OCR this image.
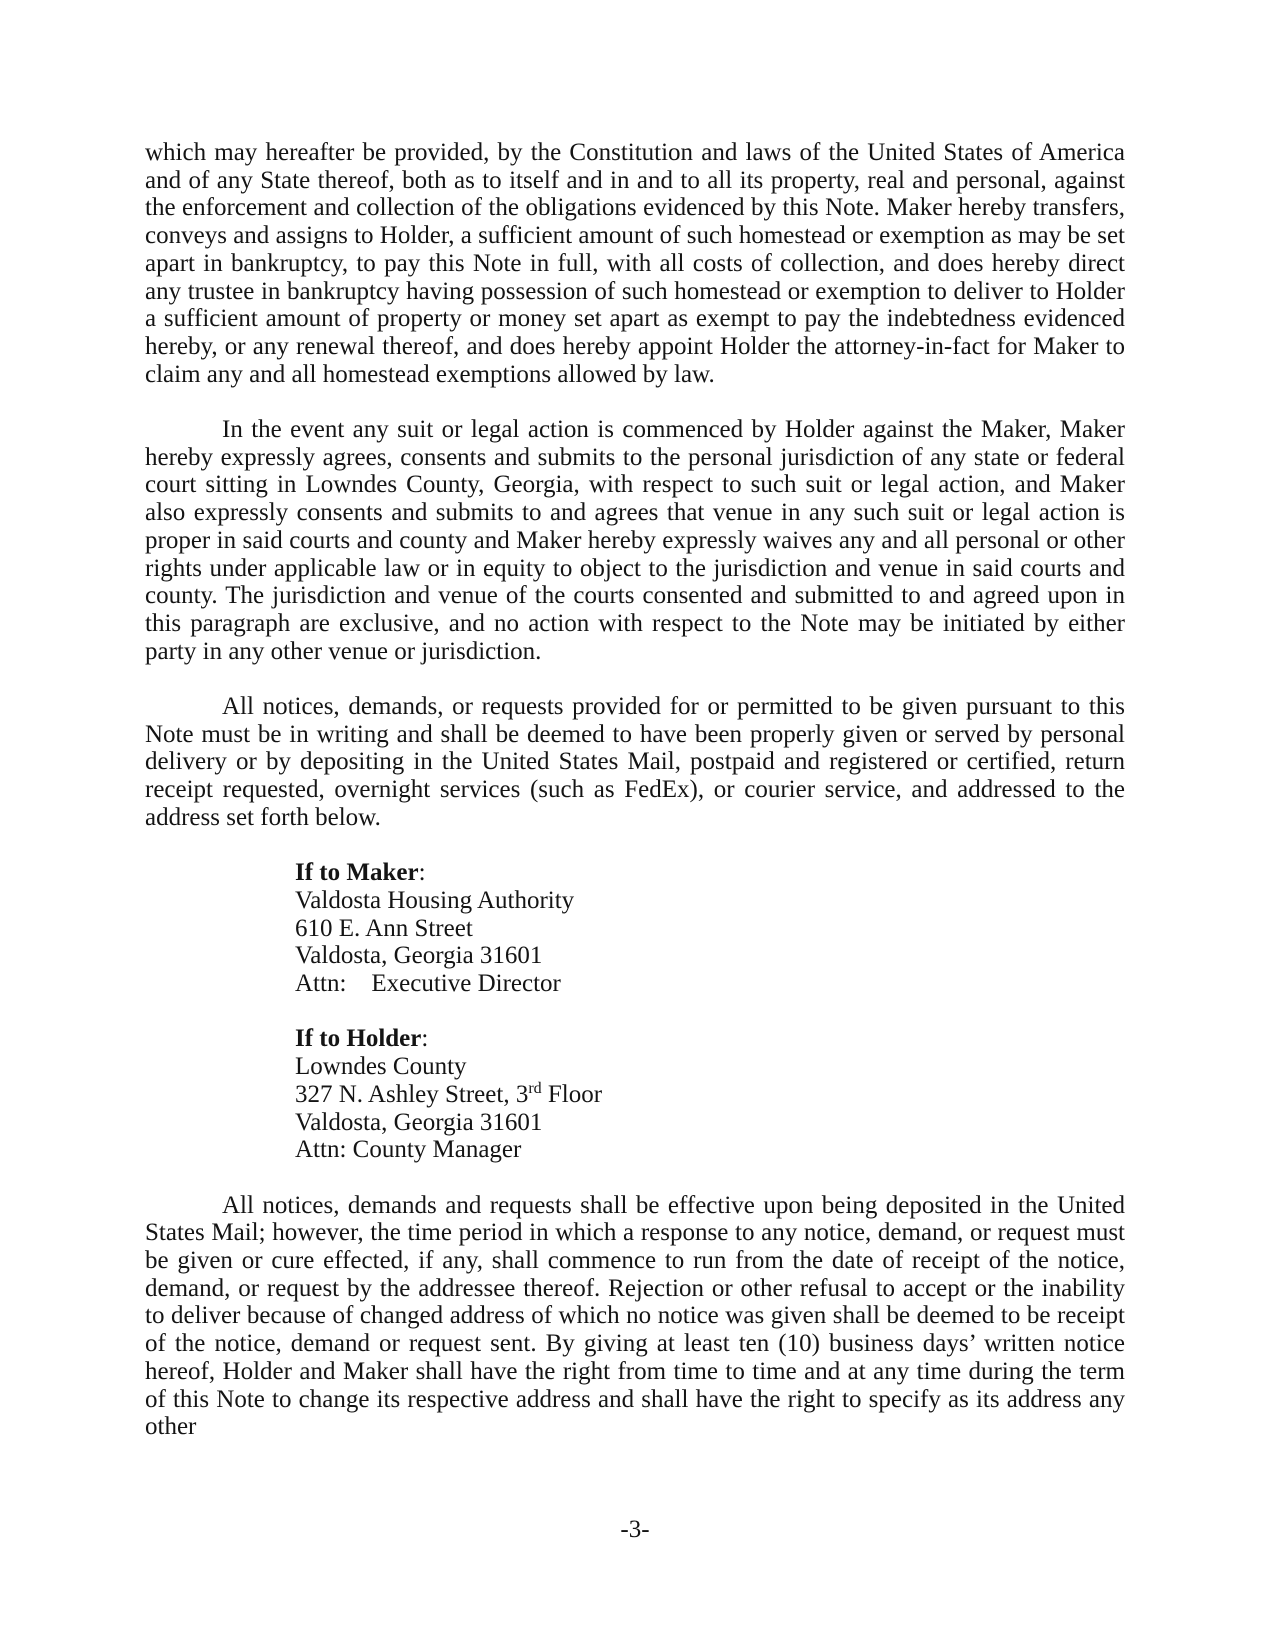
which may hereafter be provided, by the Constitution and laws of the United States of America and of any State thereof, both as to itself and in and to all its property, real and personal, against the enforcement and collection of the obligations evidenced by this Note. Maker hereby transfers, conveys and assigns to Holder, a sufficient amount of such homestead or exemption as may be set apart in bankruptcy, to pay this Note in full, with all costs of collection, and does hereby direct any trustee in bankruptcy having possession of such homestead or exemption to deliver to Holder a sufficient amount of property or money set apart as exempt to pay the indebtedness evidenced hereby, or any renewal thereof, and does hereby appoint Holder the attorney-in-fact for Maker to claim any and all homestead exemptions allowed by law.

In the event any suit or legal action is commenced by Holder against the Maker, Maker hereby expressly agrees, consents and submits to the personal jurisdiction of any state or federal court sitting in Lowndes County, Georgia, with respect to such suit or legal action, and Maker also expressly consents and submits to and agrees that venue in any such suit or legal action is proper in said courts and county and Maker hereby expressly waives any and all personal or other rights under applicable law or in equity to object to the jurisdiction and venue in said courts and county. The jurisdiction and venue of the courts consented and submitted to and agreed upon in this paragraph are exclusive, and no action with respect to the Note may be initiated by either party in any other venue or jurisdiction.

All notices, demands, or requests provided for or permitted to be given pursuant to this Note must be in writing and shall be deemed to have been properly given or served by personal delivery or by depositing in the United States Mail, postpaid and registered or certified, return receipt requested, overnight services (such as FedEx), or courier service, and addressed to the address set forth below.

If to Maker:
Valdosta Housing Authority
610 E. Ann Street
Valdosta, Georgia 31601
Attn:    Executive Director
If to Holder:
Lowndes County
327 N. Ashley Street, 3rd Floor
Valdosta, Georgia 31601
Attn: County Manager

All notices, demands and requests shall be effective upon being deposited in the United States Mail; however, the time period in which a response to any notice, demand, or request must be given or cure effected, if any, shall commence to run from the date of receipt of the notice, demand, or request by the addressee thereof. Rejection or other refusal to accept or the inability to deliver because of changed address of which no notice was given shall be deemed to be receipt of the notice, demand or request sent. By giving at least ten (10) business days’ written notice hereof, Holder and Maker shall have the right from time to time and at any time during the term of this Note to change its respective address and shall have the right to specify as its address any other

-3-
